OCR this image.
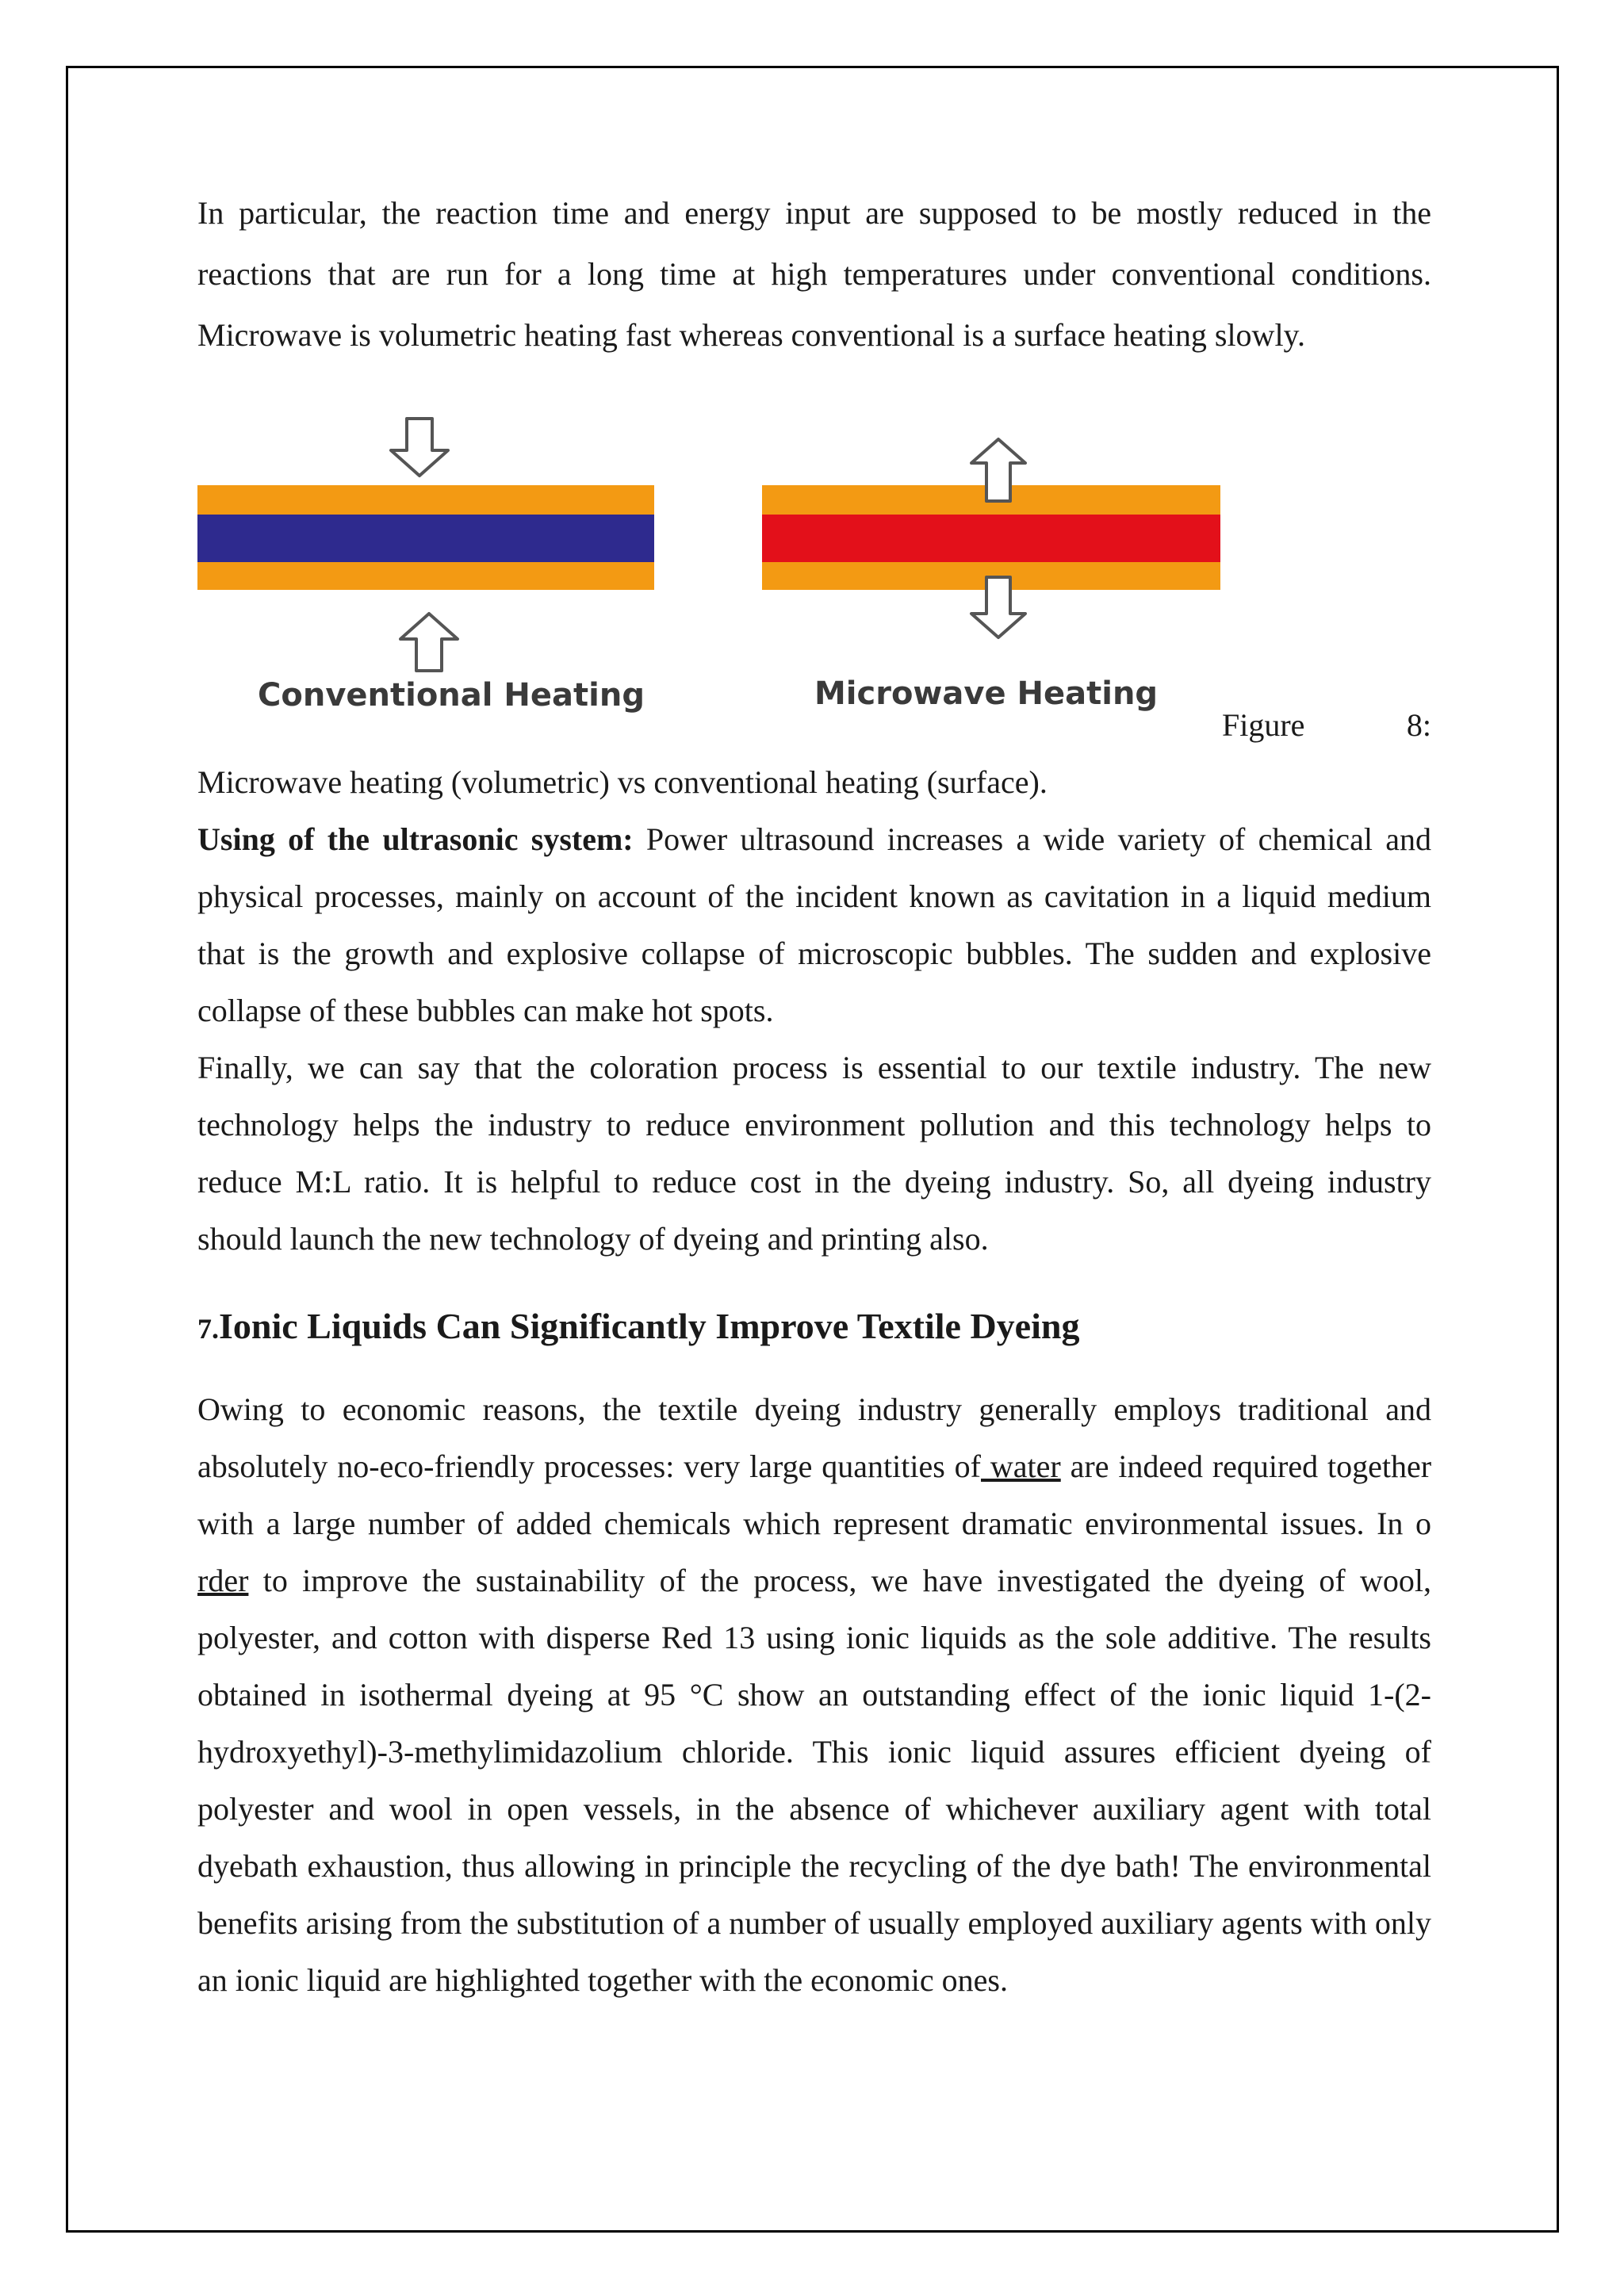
In particular, the reaction time and energy input are supposed to be mostly reduced in the reactions that are run for a long time at high temperatures under conventional conditions. Microwave is volumetric heating fast whereas conventional is a surface heating slowly.

Conventional Heating	Microwave Heating
Figure	8:

Microwave heating (volumetric) vs conventional heating (surface).

Using of the ultrasonic system: Power ultrasound increases a wide variety of chemical and physical processes, mainly on account of the incident known as cavitation in a liquid medium that is the growth and explosive collapse of microscopic bubbles. The sudden and explosive collapse of these bubbles can make hot spots.

Finally, we can say that the coloration process is essential to our textile industry. The new technology helps the industry to reduce environment pollution and this technology helps to reduce M:L ratio. It is helpful to reduce cost in the dyeing industry. So, all dyeing industry should launch the new technology of dyeing and printing also.

7.Ionic Liquids Can Significantly Improve Textile Dyeing

Owing to economic reasons, the textile dyeing industry generally employs traditional and absolutely no-eco-friendly processes: very large quantities of water are indeed required together with a large number of added chemicals which represent dramatic environmental issues. In o rder to improve the sustainability of the process, we have investigated the dyeing of wool, polyester, and cotton with disperse Red 13 using ionic liquids as the sole additive. The results obtained in isothermal dyeing at 95 °C show an outstanding effect of the ionic liquid 1-(2-hydroxyethyl)-3-methylimidazolium chloride. This ionic liquid assures efficient dyeing of polyester and wool in open vessels, in the absence of whichever auxiliary agent with total dyebath exhaustion, thus allowing in principle the recycling of the dye bath! The environmental benefits arising from the substitution of a number of usually employed auxiliary agents with only an ionic liquid are highlighted together with the economic ones.
